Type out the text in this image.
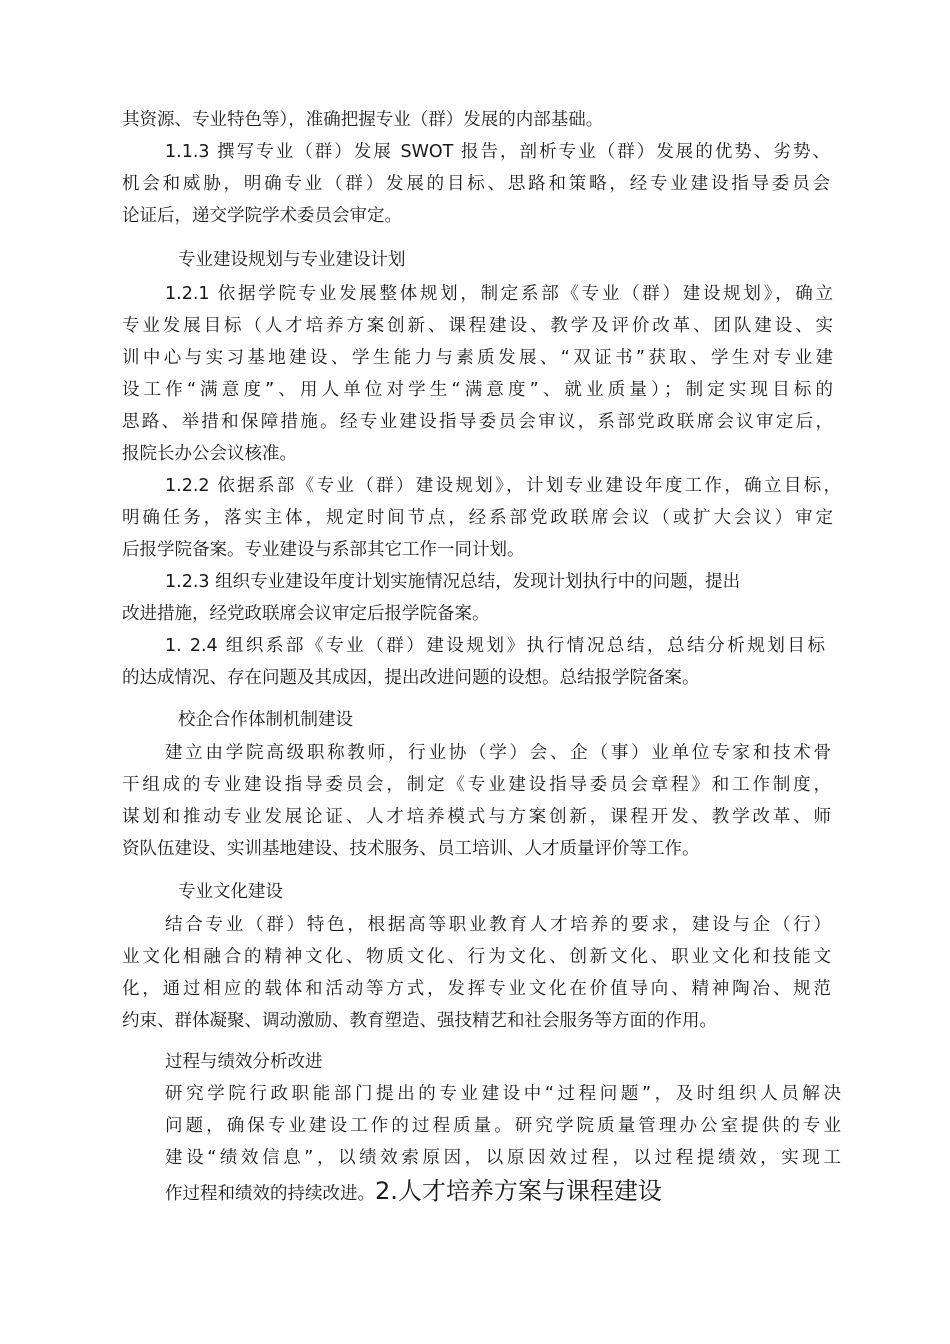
其资源、专业特色等），准确把握专业（群）发展的内部基础。
1.1.3 撰写专业（群）发展 SWOT 报告，剖析专业（群）发展的优势、劣势、
机会和威胁，明确专业（群）发展的目标、思路和策略，经专业建设指导委员会
论证后，递交学院学术委员会审定。
专业建设规划与专业建设计划
1.2.1 依据学院专业发展整体规划，制定系部《专业（群）建设规划》，确立
专业发展目标（人才培养方案创新、课程建设、教学及评价改革、团队建设、实
训中心与实习基地建设、学生能力与素质发展、“双证书”获取、学生对专业建
设工作“满意度”、用人单位对学生“满意度”、就业质量）；制定实现目标的
思路、举措和保障措施。经专业建设指导委员会审议，系部党政联席会议审定后，
报院长办公会议核准。
1.2.2 依据系部《专业（群）建设规划》，计划专业建设年度工作，确立目标，
明确任务，落实主体，规定时间节点，经系部党政联席会议（或扩大会议）审定
后报学院备案。专业建设与系部其它工作一同计划。
1.2.3 组织专业建设年度计划实施情况总结，发现计划执行中的问题，提出
改进措施，经党政联席会议审定后报学院备案。
1. 2.4 组织系部《专业（群）建设规划》执行情况总结，总结分析规划目标
的达成情况、存在问题及其成因，提出改进问题的设想。总结报学院备案。
校企合作体制机制建设
建立由学院高级职称教师，行业协（学）会、企（事）业单位专家和技术骨
干组成的专业建设指导委员会，制定《专业建设指导委员会章程》和工作制度，
谋划和推动专业发展论证、人才培养模式与方案创新，课程开发、教学改革、师
资队伍建设、实训基地建设、技术服务、员工培训、人才质量评价等工作。
专业文化建设
结合专业（群）特色，根据高等职业教育人才培养的要求，建设与企（行）
业文化相融合的精神文化、物质文化、行为文化、创新文化、职业文化和技能文
化，通过相应的载体和活动等方式，发挥专业文化在价值导向、精神陶冶、规范
约束、群体凝聚、调动激励、教育塑造、强技精艺和社会服务等方面的作用。
过程与绩效分析改进
研究学院行政职能部门提出的专业建设中“过程问题”，及时组织人员解决
问题，确保专业建设工作的过程质量。研究学院质量管理办公室提供的专业
建设“绩效信息”，以绩效索原因，以原因效过程，以过程提绩效，实现工
作过程和绩效的持续改进。2.人才培养方案与课程建设
